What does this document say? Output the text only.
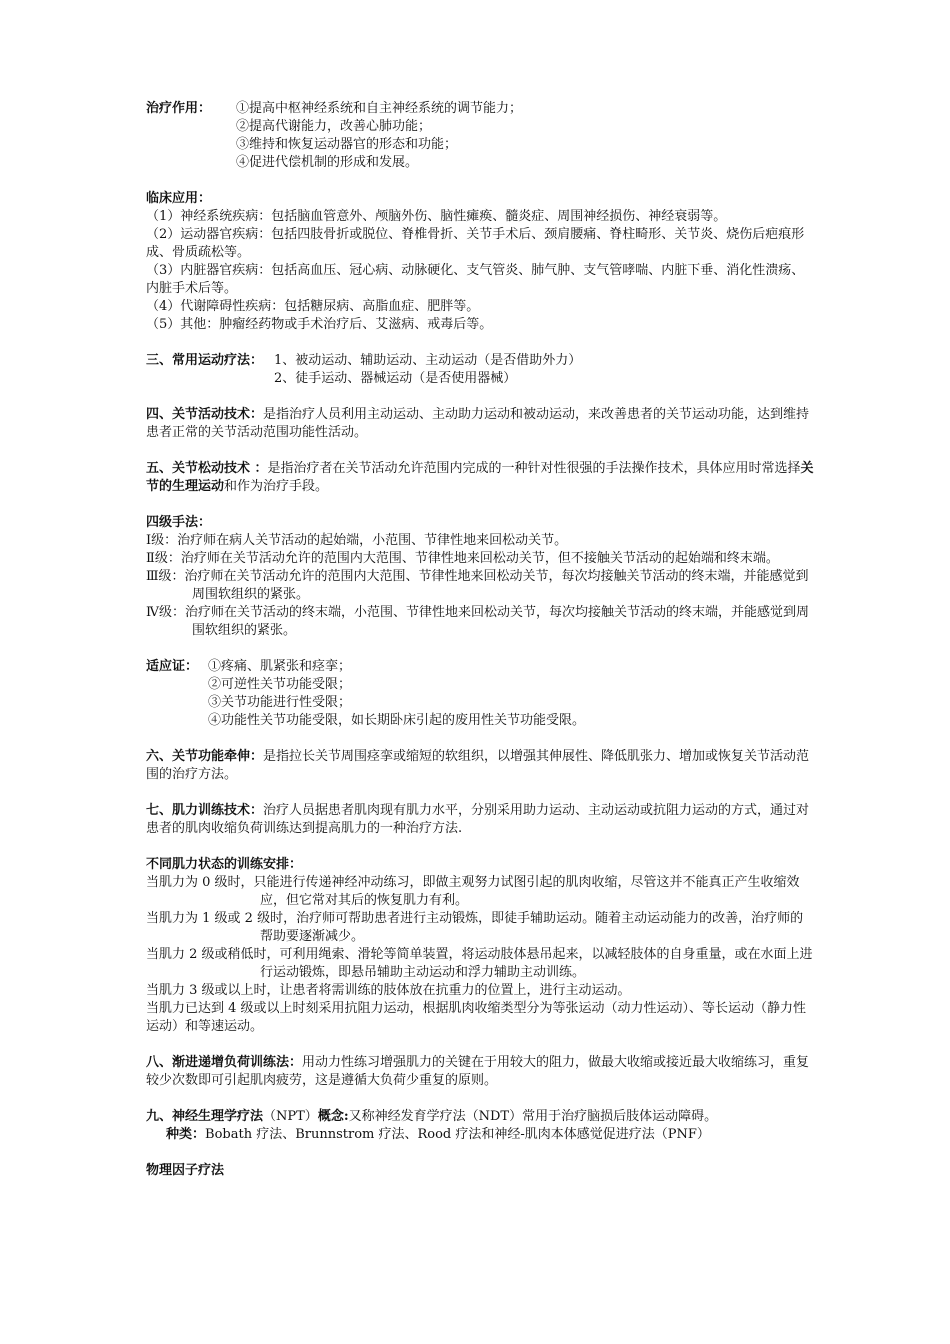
治疗作用：	①提高中枢神经系统和自主神经系统的调节能力；

②提高代谢能力，改善心肺功能；

③维持和恢复运动器官的形态和功能；

④促进代偿机制的形成和发展。

临床应用：

（1）神经系统疾病：包括脑血管意外、颅脑外伤、脑性瘫痪、髓炎症、周围神经损伤、神经衰弱等。

（2）运动器官疾病：包括四肢骨折或脱位、脊椎骨折、关节手术后、颈肩腰痛、脊柱畸形、关节炎、烧伤后疤痕形成、骨质疏松等。

（3）内脏器官疾病：包括高血压、冠心病、动脉硬化、支气管炎、肺气肿、支气管哮喘、内脏下垂、消化性溃疡、内脏手术后等。

（4）代谢障碍性疾病：包括糖尿病、高脂血症、肥胖等。

（5）其他：肿瘤经药物或手术治疗后、艾滋病、戒毒后等。

三、常用运动疗法： 1、被动运动、辅助运动、主动运动（是否借助外力）

2、徒手运动、器械运动（是否使用器械）

四、关节活动技术：是指治疗人员利用主动运动、主动助力运动和被动运动，来改善患者的关节运动功能，达到维持患者正常的关节活动范围功能性活动。

五、关节松动技术 ：是指治疗者在关节活动允许范围内完成的一种针对性很强的手法操作技术，具体应用时常选择关节的生理运动和作为治疗手段。

四级手法：

Ⅰ级：治疗师在病人关节活动的起始端，小范围、节律性地来回松动关节。

Ⅱ级：治疗师在关节活动允许的范围内大范围、节律性地来回松动关节，但不接触关节活动的起始端和终末端。

Ⅲ级：治疗师在关节活动允许的范围内大范围、节律性地来回松动关节，每次均接触关节活动的终末端，并能感觉到周围软组织的紧张。

Ⅳ级：治疗师在关节活动的终末端，小范围、节律性地来回松动关节，每次均接触关节活动的终末端，并能感觉到周围软组织的紧张。

适应证： ①疼痛、肌紧张和痉挛；

②可逆性关节功能受限；

③关节功能进行性受限；

④功能性关节功能受限，如长期卧床引起的废用性关节功能受限。

六、关节功能牵伸：是指拉长关节周围痉挛或缩短的软组织，以增强其伸展性、降低肌张力、增加或恢复关节活动范围的治疗方法。

七、肌力训练技术：治疗人员据患者肌肉现有肌力水平，分别采用助力运动、主动运动或抗阻力运动的方式，通过对患者的肌肉收缩负荷训练达到提高肌力的一种治疗方法.

不同肌力状态的训练安排：

当肌力为 0 级时，只能进行传递神经冲动练习，即做主观努力试图引起的肌肉收缩，尽管这并不能真正产生收缩效应，但它常对其后的恢复肌力有利。

当肌力为 1 级或 2 级时，治疗师可帮助患者进行主动锻炼，即徒手辅助运动。随着主动运动能力的改善，治疗师的帮助要逐渐减少。

当肌力 2 级或稍低时，可利用绳索、滑轮等简单装置，将运动肢体悬吊起来，以减轻肢体的自身重量，或在水面上进行运动锻炼，即悬吊辅助主动运动和浮力辅助主动训练。

当肌力 3 级或以上时，让患者将需训练的肢体放在抗重力的位置上，进行主动运动。

当肌力已达到 4 级或以上时刻采用抗阻力运动，根据肌肉收缩类型分为等张运动（动力性运动）、等长运动（静力性运动）和等速运动。

八、渐进递增负荷训练法：用动力性练习增强肌力的关键在于用较大的阻力，做最大收缩或接近最大收缩练习，重复较少次数即可引起肌肉疲劳，这是遵循大负荷少重复的原则。

九、神经生理学疗法（NPT）概念:又称神经发育学疗法（NDT）常用于治疗脑损后肢体运动障碍。

种类：Bobath 疗法、Brunnstrom 疗法、Rood 疗法和神经-肌肉本体感觉促进疗法（PNF）

物理因子疗法
